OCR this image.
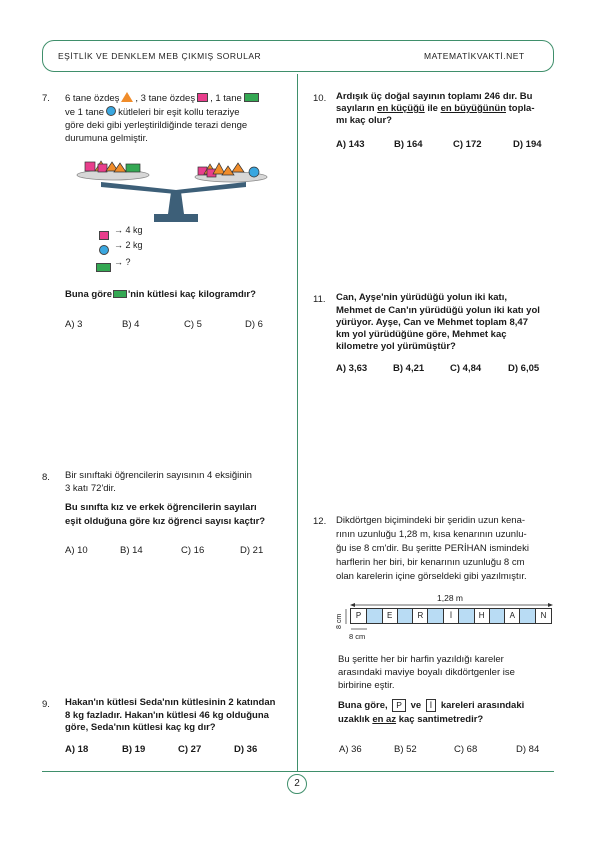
EŞİTLİK VE DENKLEM MEB ÇIKMIŞ SORULAR	MATEMATİKVAKTİ.NET
2
7. 6 tane özdeş , 3 tane özdeş , 1 tane
ve 1 tane kütleleri bir eşit kollu teraziye
göre deki gibi yerleştirildiğinde terazi denge
durumuna gelmiştir.
→ 4 kg
→ 2 kg
→ ?
Buna göre 'nin kütlesi kaç kilogramdır?
A) 3	B) 4	C) 5	D) 6
8. Bir sınıftaki öğrencilerin sayısının 4 eksiğinin
3 katı 72'dir.
Bu sınıfta kız ve erkek öğrencilerin sayıları
eşit olduğuna göre kız öğrenci sayısı kaçtır?
A) 10	B) 14	C) 16	D) 21
9. Hakan'ın kütlesi Seda'nın kütlesinin 2 katından
8 kg fazladır. Hakan'ın kütlesi 46 kg olduğuna
göre, Seda'nın kütlesi kaç kg dır?
A) 18	B) 19	C) 27	D) 36
10. Ardışık üç doğal sayının toplamı 246 dır. Bu
sayıların en küçüğü ile en büyüğünün topla-
mı kaç olur?
A) 143	B) 164	C) 172	D) 194
11. Can, Ayşe'nin yürüdüğü yolun iki katı,
Mehmet de Can'ın yürüdüğü yolun iki katı yol
yürüyor. Ayşe, Can ve Mehmet toplam 8,47
km yol yürüdüğüne göre, Mehmet kaç
kilometre yol yürümüştür?
A) 3,63	B) 4,21	C) 4,84	D) 6,05
12. Dikdörtgen biçimindeki bir şeridin uzun kena-
rının uzunluğu 1,28 m, kısa kenarının uzunlu-
ğu ise 8 cm'dir. Bu şeritte PERİHAN ismindeki
harflerin her biri, bir kenarının uzunluğu 8 cm
olan karelerin içine görseldeki gibi yazılmıştır.
1,28 m
8 cm	P	E	R	İ	H	A	N
8 cm
Bu şeritte her bir harfin yazıldığı kareler
arasındaki maviye boyalı dikdörtgenler ise
birbirine eştir.
Buna göre, P ve İ kareleri arasındaki
uzaklık en az kaç santimetredir?
A) 36	B) 52	C) 68	D) 84
